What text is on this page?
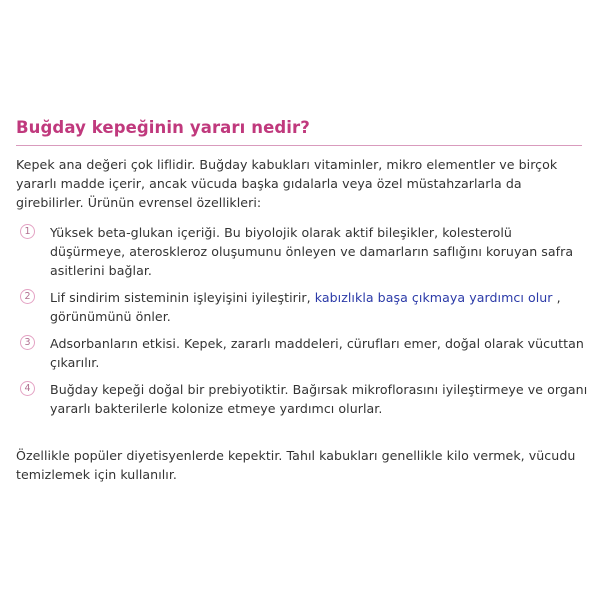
Buğday kepeğinin yararı nedir?

Kepek ana değeri çok liflidir. Buğday kabukları vitaminler, mikro elementler ve birçok yararlı madde içerir, ancak vücuda başka gıdalarla veya özel müstahzarlarla da girebilirler. Ürünün evrensel özellikleri:

1	Yüksek beta-glukan içeriği. Bu biyolojik olarak aktif bileşikler, kolesterolü düşürmeye, ateroskleroz oluşumunu önleyen ve damarların saflığını koruyan safra asitlerini bağlar.
2	Lif sindirim sisteminin işleyişini iyileştirir, kabızlıkla başa çıkmaya yardımcı olur , görünümünü önler.
3	Adsorbanların etkisi. Kepek, zararlı maddeleri, cürufları emer, doğal olarak vücuttan çıkarılır.
4	Buğday kepeği doğal bir prebiyotiktir. Bağırsak mikroflorasını iyileştirmeye ve organı yararlı bakterilerle kolonize etmeye yardımcı olurlar.

Özellikle popüler diyetisyenlerde kepektir. Tahıl kabukları genellikle kilo vermek, vücudu temizlemek için kullanılır.
